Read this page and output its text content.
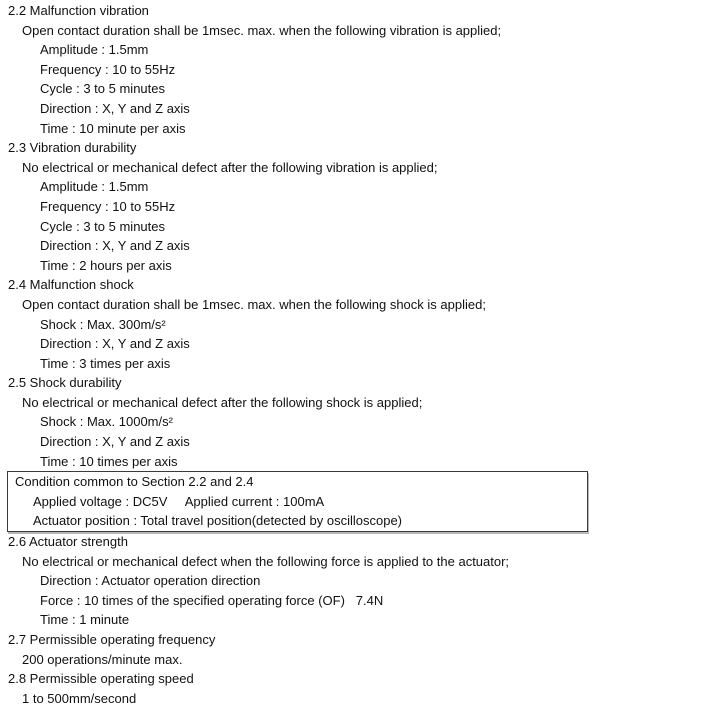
2.2 Malfunction vibration
Open contact duration shall be 1msec. max. when the following vibration is applied;
Amplitude : 1.5mm
Frequency : 10 to 55Hz
Cycle : 3 to 5 minutes
Direction : X, Y and Z axis
Time : 10 minute per axis
2.3 Vibration durability
No electrical or mechanical defect after the following vibration is applied;
Amplitude : 1.5mm
Frequency : 10 to 55Hz
Cycle : 3 to 5 minutes
Direction : X, Y and Z axis
Time : 2 hours per axis
2.4 Malfunction shock
Open contact duration shall be 1msec. max. when the following shock is applied;
Shock : Max. 300m/s²
Direction : X, Y and Z axis
Time : 3 times per axis
2.5 Shock durability
No electrical or mechanical defect after the following shock is applied;
Shock : Max. 1000m/s²
Direction : X, Y and Z axis
Time : 10 times per axis
Condition common to Section 2.2 and 2.4
Applied voltage : DC5V     Applied current : 100mA
Actuator position : Total travel position(detected by oscilloscope)
2.6 Actuator strength
No electrical or mechanical defect when the following force is applied to the actuator;
Direction : Actuator operation direction
Force : 10 times of the specified operating force (OF)   7.4N
Time : 1 minute
2.7 Permissible operating frequency
200 operations/minute max.
2.8 Permissible operating speed
1 to 500mm/second
